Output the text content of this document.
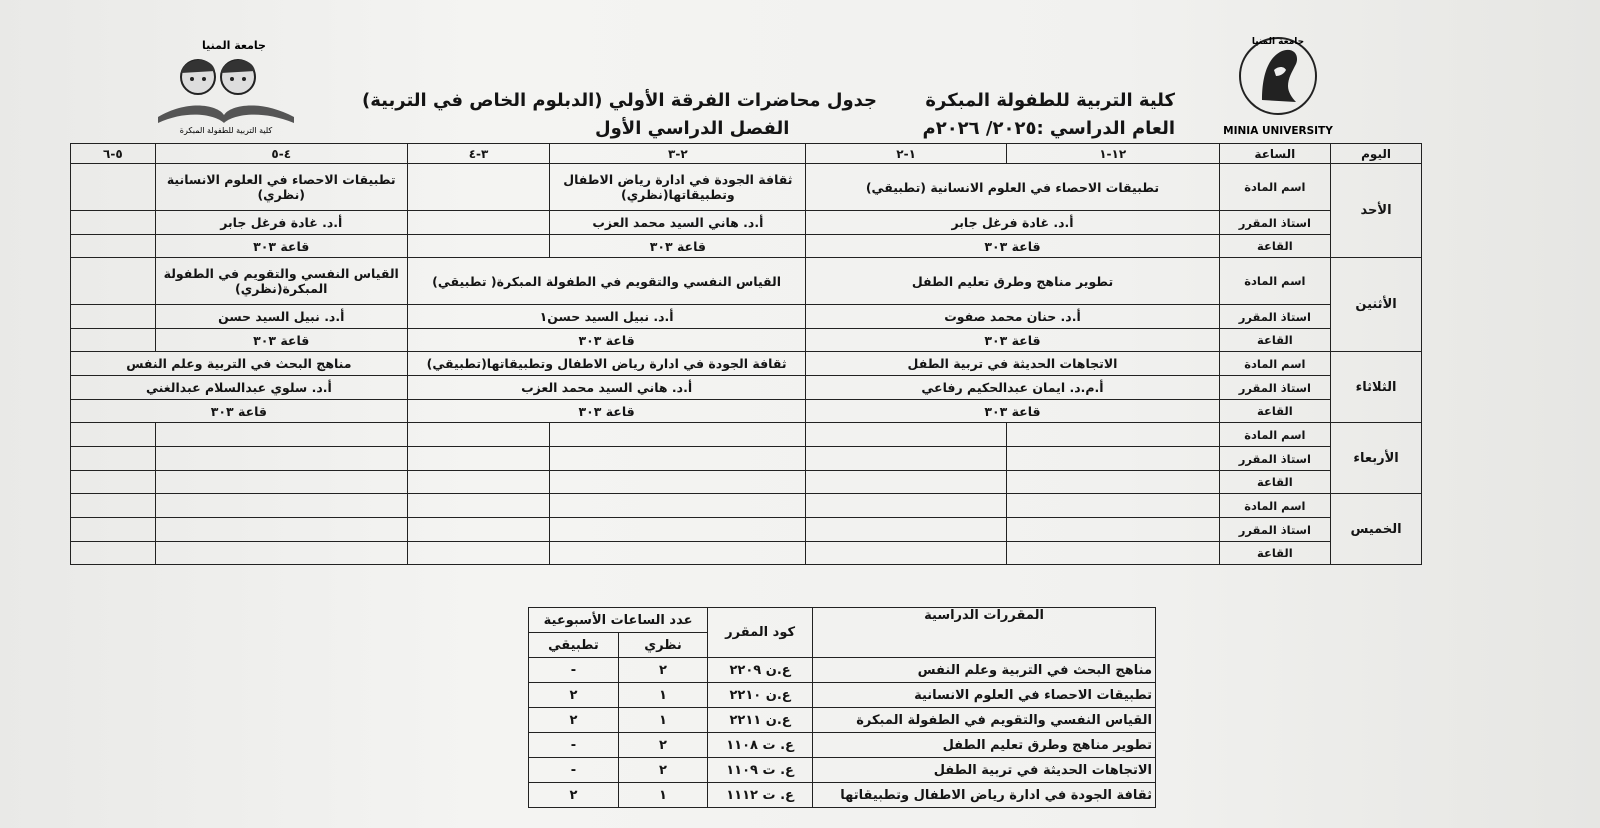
جامعة المنيا
MINIA UNIVERSITY
جامعة المنيا
كلية التربية للطفولة المبكرة
كلية التربية للطفولة المبكرة
العام الدراسي :٢٠٢٥/ ٢٠٢٦م
جدول محاضرات الفرقة الأولي (الدبلوم الخاص في التربية)
الفصل الدراسي الأول
اليوم	الساعة	١٢-١	١-٢	٢-٣	٣-٤	٤-٥	٥-٦
الأحد	اسم المادة	تطبيقات الاحصاء في العلوم الانسانية (تطبيقي)		ثقافة الجودة في ادارة رياض الاطفال وتطبيقاتها(نظري)		تطبيقات الاحصاء في العلوم الانسانية (نظري)	
	استاذ المقرر	أ.د. غادة فرغل جابر		أ.د. هاني السيد محمد العزب		أ.د. غادة فرغل جابر	
	القاعة	قاعة ٣٠٣		قاعة ٣٠٣		قاعة ٣٠٣	
الأثنين	اسم المادة	تطوير مناهج وطرق تعليم الطفل		القياس النفسي والتقويم في الطفولة المبكرة( تطبيقي)		القياس النفسي والتقويم في الطفولة المبكرة(نظري)	
	استاذ المقرر	أ.د. حنان محمد صفوت		أ.د. نبيل السيد حسن١		أ.د. نبيل السيد حسن	
	القاعة	قاعة ٣٠٣		قاعة ٣٠٣		قاعة ٣٠٣	
الثلاثاء	اسم المادة	الاتجاهات الحديثة في تربية الطفل		ثقافة الجودة في ادارة رياض الاطفال وتطبيقاتها(تطبيقي)		مناهج البحث في التربية وعلم النفس	
	استاذ المقرر	أ.م.د. ايمان عبدالحكيم رفاعي		أ.د. هاني السيد محمد العزب		أ.د. سلوي عبدالسلام عبدالغني	
	القاعة	قاعة ٣٠٣		قاعة ٣٠٣		قاعة ٣٠٣	
الأربعاء	اسم المادة						
	استاذ المقرر						
	القاعة						
الخميس	اسم المادة						
	استاذ المقرر						
	القاعة						
المقررات الدراسية	كود المقرر	عدد الساعات الأسبوعية	
		نظري	تطبيقي
مناهج البحث في التربية وعلم النفس	ع.ن ٢٢٠٩	٢	-
تطبيقات الاحصاء في العلوم الانسانية	ع.ن ٢٢١٠	١	٢
القياس النفسي والتقويم في الطفولة المبكرة	ع.ن ٢٢١١	١	٢
تطوير مناهج وطرق تعليم الطفل	ع. ت ١١٠٨	٢	-
الاتجاهات الحديثة في تربية الطفل	ع. ت ١١٠٩	٢	-
ثقافة الجودة في ادارة رياض الاطفال وتطبيقاتها	ع. ت ١١١٢	١	٢
